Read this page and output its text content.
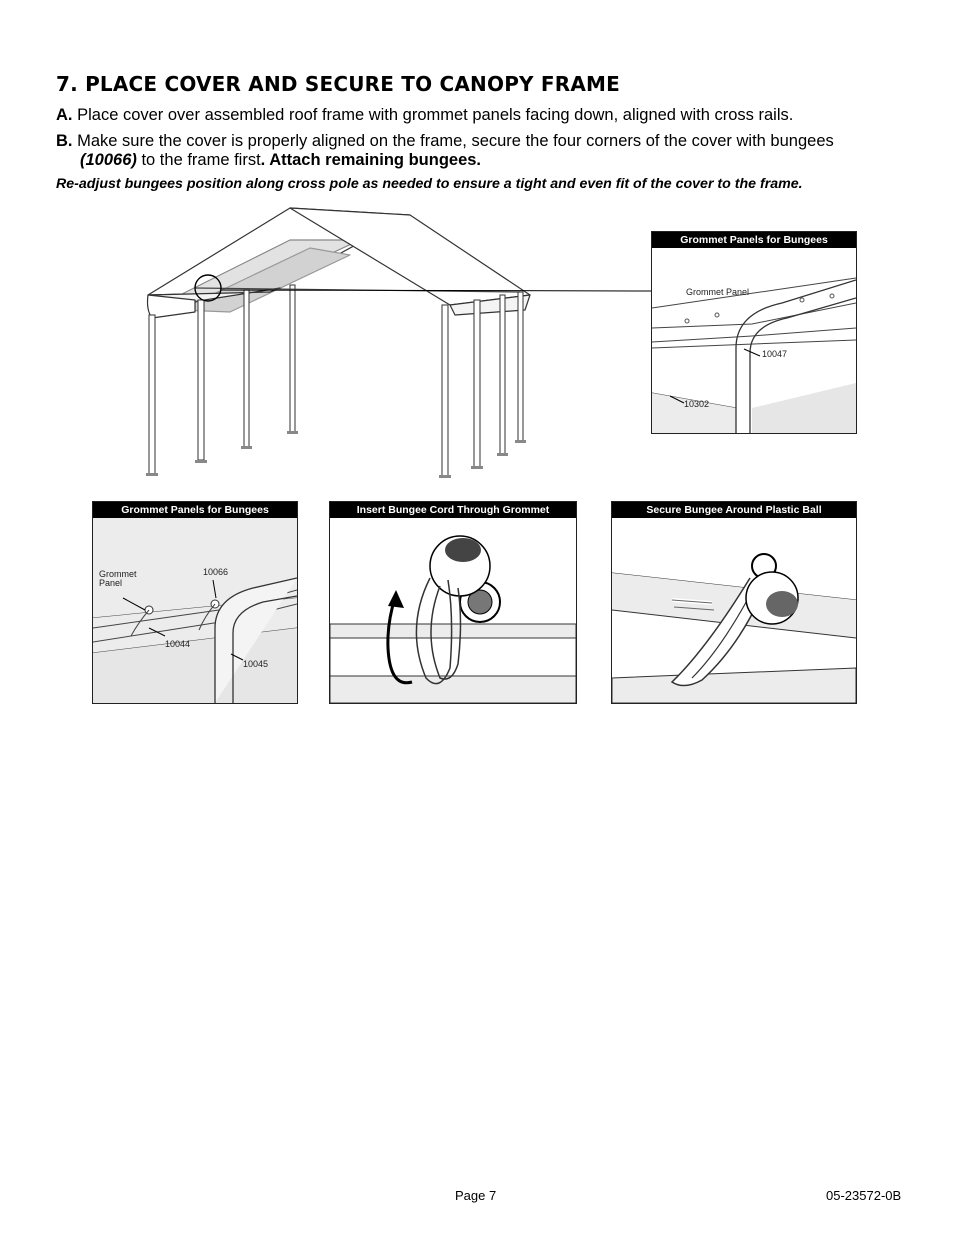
7. PLACE COVER AND SECURE TO CANOPY FRAME
A. Place cover over assembled roof frame with grommet panels facing down, aligned with cross rails.
B. Make sure the cover is properly aligned on the frame, secure the four corners of the cover with bungees
(10066) to the frame first. Attach remaining bungees.
Re-adjust bungees position along cross pole as needed to ensure a tight and even fit of the cover to the frame.
Grommet Panels for Bungees
Grommet Panel
10047
10302
Grommet Panels for Bungees
Grommet
Panel
10066
10044
10045
Insert Bungee Cord Through Grommet	Secure Bungee Around Plastic Ball
Page 7	05-23572-0B
